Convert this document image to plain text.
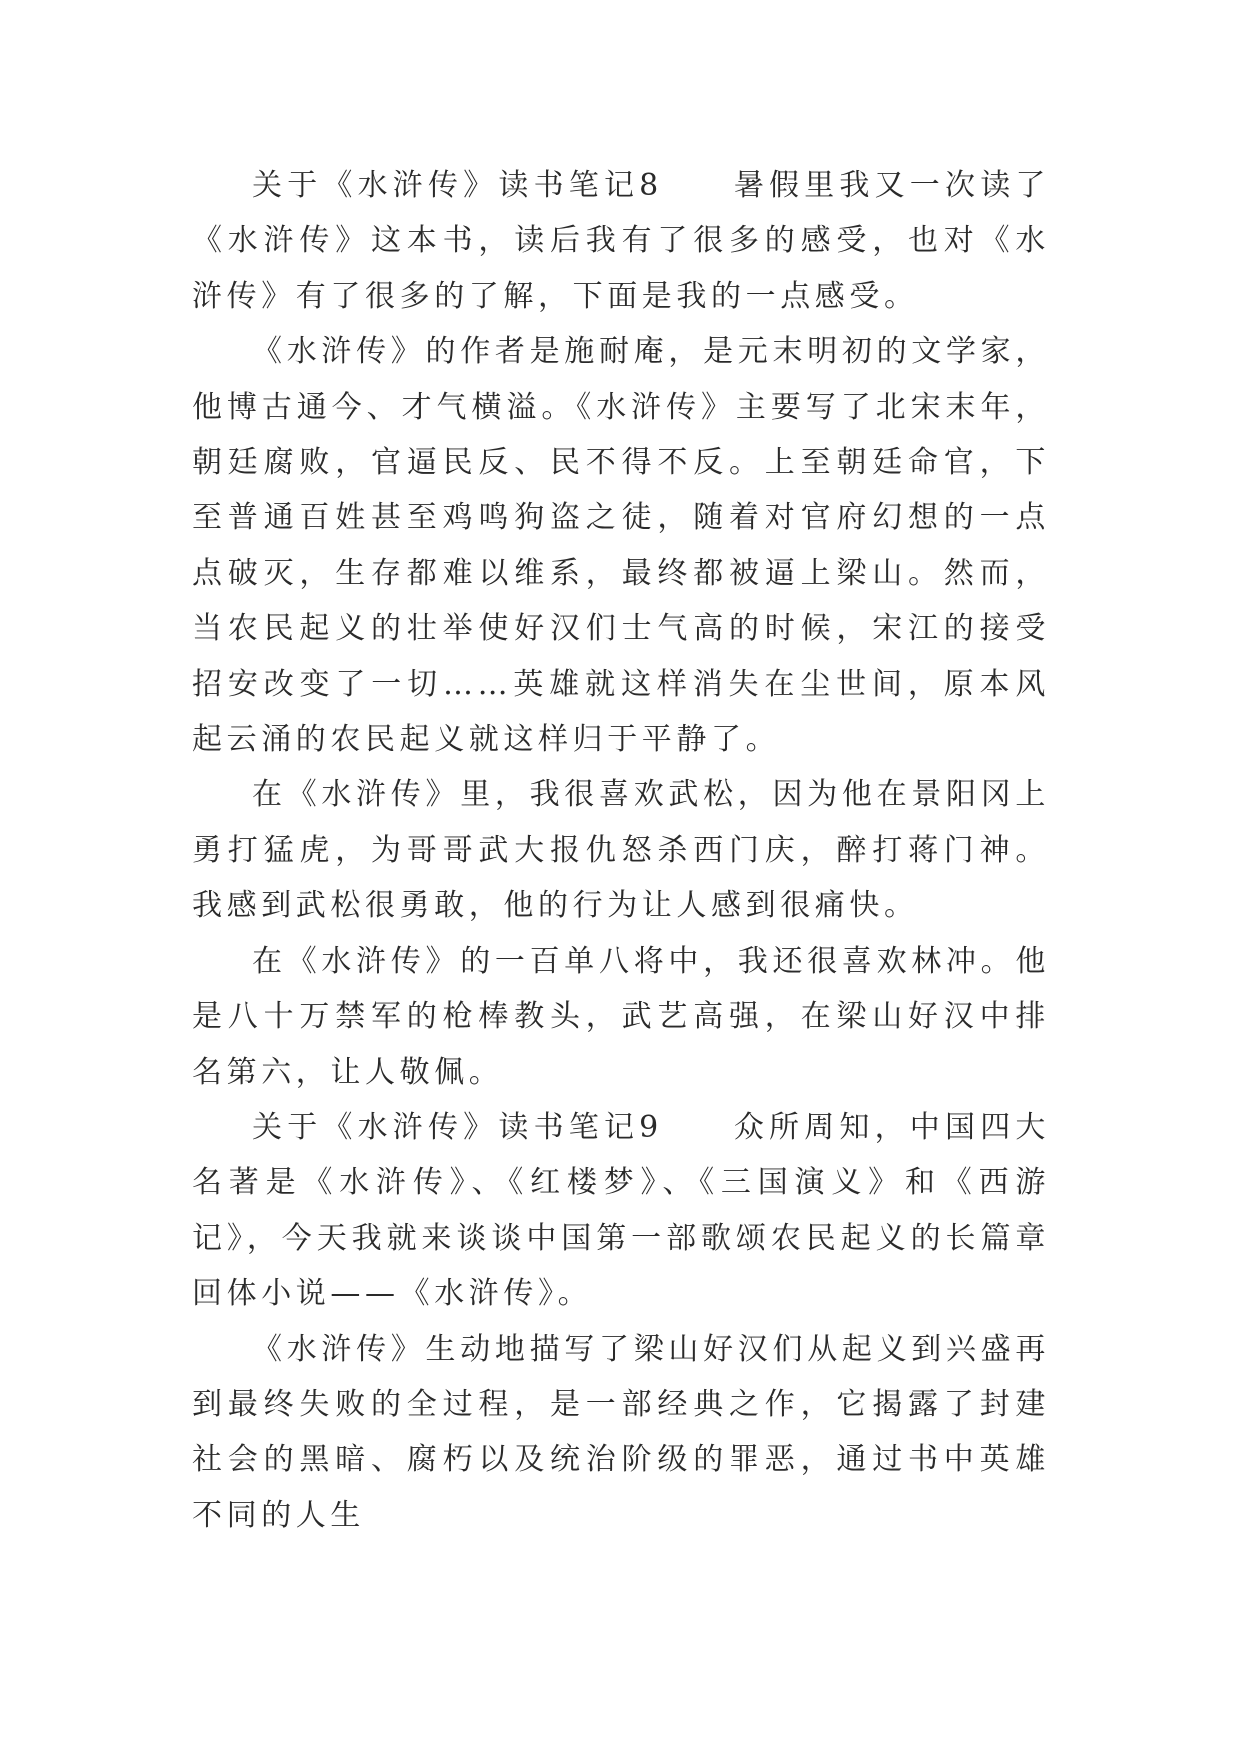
关于《水浒传》读书笔记8　　暑假里我又一次读了《水浒传》这本书，读后我有了很多的感受，也对《水浒传》有了很多的了解，下面是我的一点感受。

《水浒传》的作者是施耐庵，是元末明初的文学家，他博古通今、才气横溢。《水浒传》主要写了北宋末年，朝廷腐败，官逼民反、民不得不反。上至朝廷命官，下至普通百姓甚至鸡鸣狗盗之徒，随着对官府幻想的一点点破灭，生存都难以维系，最终都被逼上梁山。然而，当农民起义的壮举使好汉们士气高的时候，宋江的接受招安改变了一切……英雄就这样消失在尘世间，原本风起云涌的农民起义就这样归于平静了。

在《水浒传》里，我很喜欢武松，因为他在景阳冈上勇打猛虎，为哥哥武大报仇怒杀西门庆，醉打蒋门神。我感到武松很勇敢，他的行为让人感到很痛快。

在《水浒传》的一百单八将中，我还很喜欢林冲。他是八十万禁军的枪棒教头，武艺高强，在梁山好汉中排名第六，让人敬佩。

关于《水浒传》读书笔记9　　众所周知，中国四大名著是《水浒传》、《红楼梦》、《三国演义》和《西游记》，今天我就来谈谈中国第一部歌颂农民起义的长篇章回体小说——《水浒传》。

《水浒传》生动地描写了梁山好汉们从起义到兴盛再到最终失败的全过程，是一部经典之作，它揭露了封建社会的黑暗、腐朽以及统治阶级的罪恶，通过书中英雄不同的人生
